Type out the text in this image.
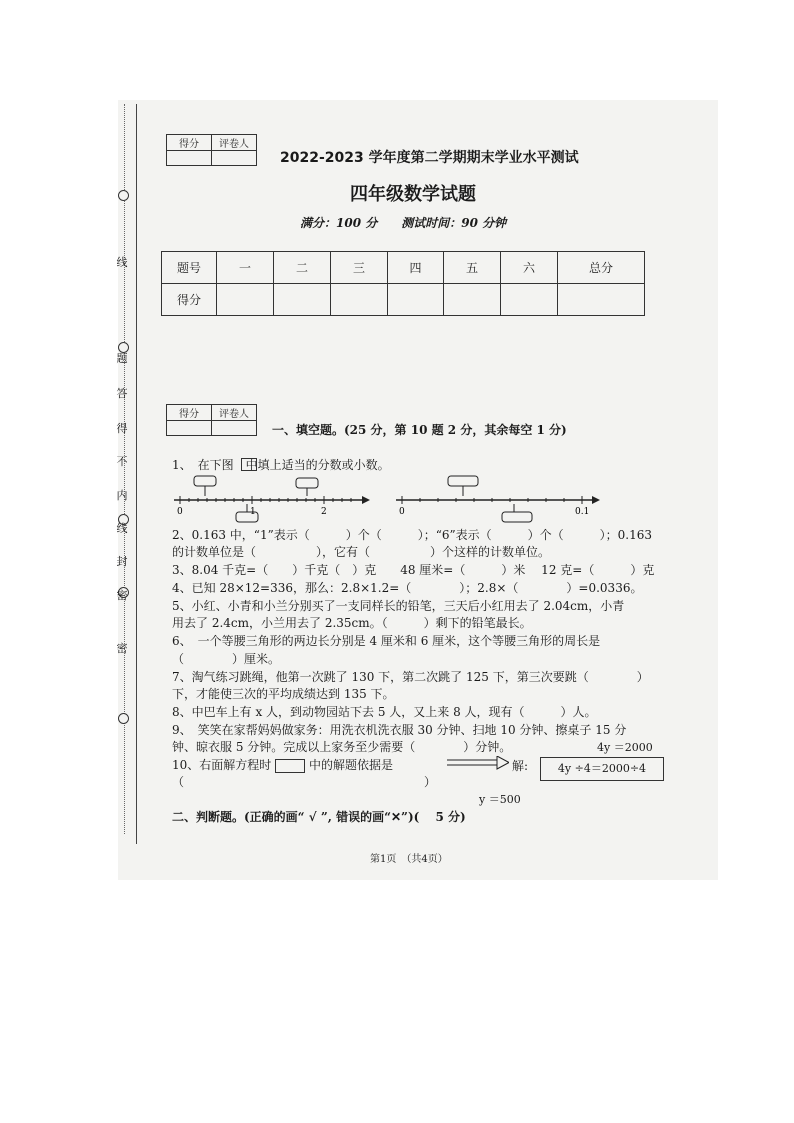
线
题
答
得
不
内
线
封
密
密
得分	评卷人

2022-2023 学年度第二学期期末学业水平测试
四年级数学试题
满分：100 分　　测试时间：90 分钟
题号	一	二	三	四	五	六	总分
得分							
得分	评卷人

一、填空题。(25 分，第 10 题 2 分，其余每空 1 分)
1、　在下图　中填上适当的分数或小数。
0	1	2	0	0.1
2、0.163 中，“1”表示（　　　）个（　　　）；“6”表示（　　　）个（　　　）；0.163
的计数单位是（　　　　　），它有（　　　　　）个这样的计数单位。
3、8.04 千克=（　　）千克（　）克　　48 厘米=（　　　）米　 12 克=（　　　）克
4、已知 28×12=336，那么：2.8×1.2=（　　　　）；2.8×（　　　　）=0.0336。
5、小红、小青和小兰分别买了一支同样长的铅笔，三天后小红用去了 2.04cm，小青
用去了 2.4cm，小兰用去了 2.35cm。（　　　）剩下的铅笔最长。
6、　一个等腰三角形的两边长分别是 4 厘米和 6 厘米，这个等腰三角形的周长是
（　　　　）厘米。
7、淘气练习跳绳，他第一次跳了 130 下，第二次跳了 125 下，第三次要跳（　　　　）
下，才能使三次的平均成绩达到 135 下。
8、中巴车上有 x 人，到动物园站下去 5 人，又上来 8 人，现有（　　　）人。
9、　笑笑在家帮妈妈做家务：用洗衣机洗衣服 30 分钟、扫地 10 分钟、擦桌子 15 分
钟、晾衣服 5 分钟。完成以上家务至少需要（　　　　）分钟。	4y ＝2000
10、右面解方程时	中的解题依据是	解:	4y ÷4＝2000÷4
（　　　　　　　　　　　　　　　　　　　　）
y ＝500
二、判断题。(正确的画“ √ ”, 错误的画“✕”)( 　5 分)
第1页　（共4页）
